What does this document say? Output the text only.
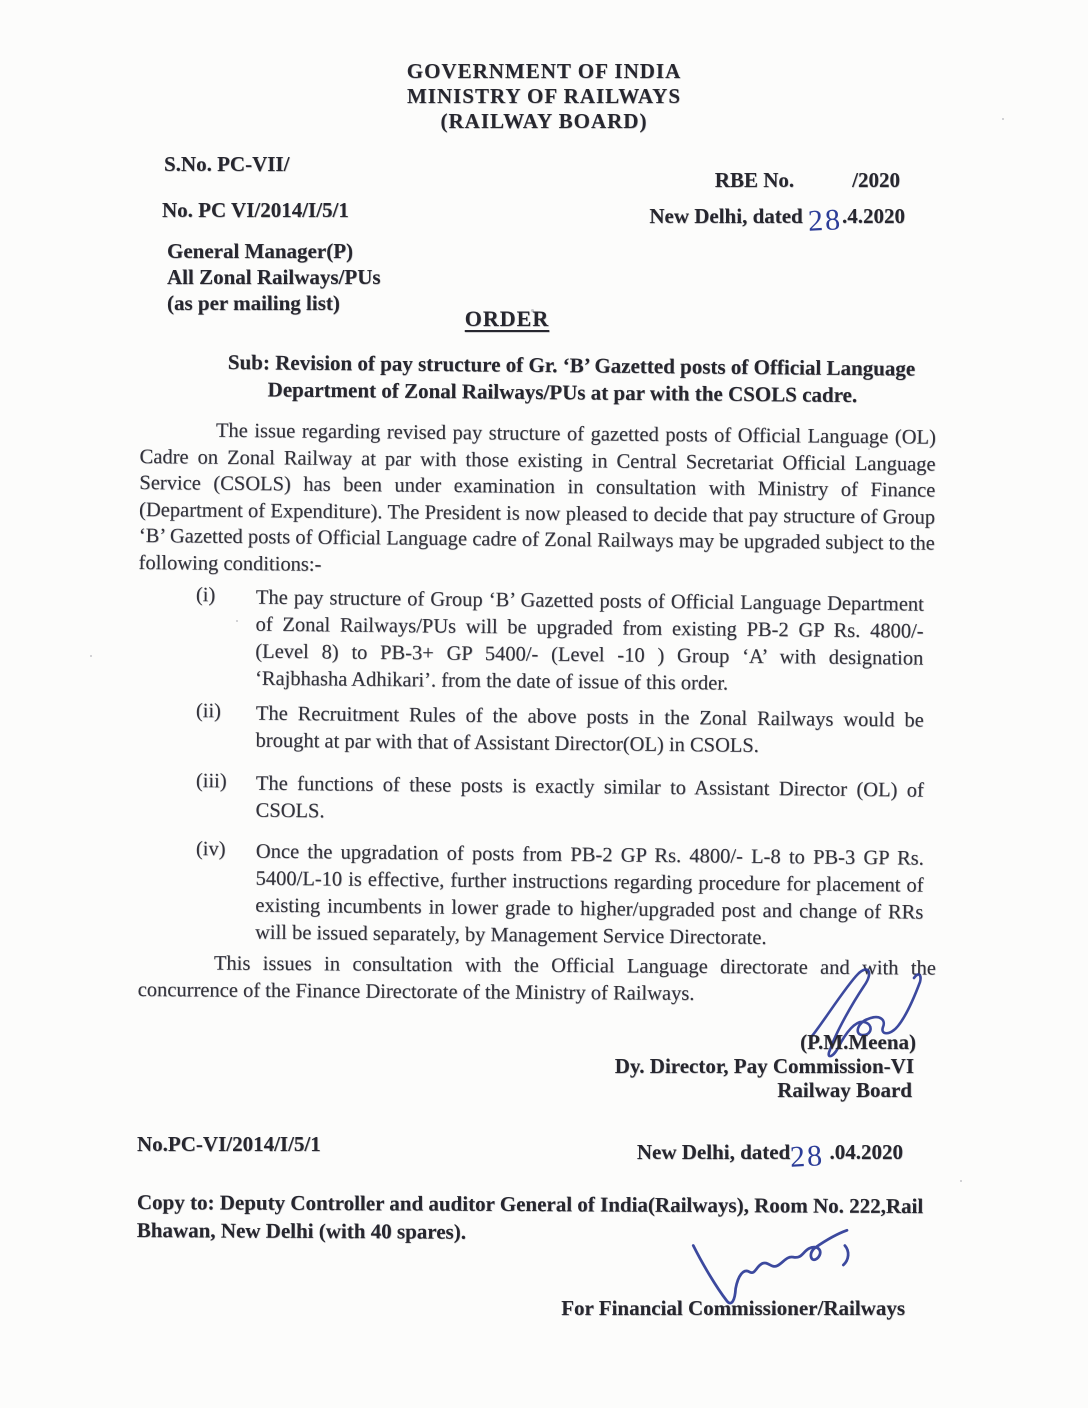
GOVERNMENT OF INDIA
MINISTRY OF RAILWAYS
(RAILWAY BOARD)
S.No. PC-VII/
RBE No.	/2020
No. PC VI/2014/I/5/1	New Delhi, dated 28.4.2020
General Manager(P)
All Zonal Railways/PUs
(as per mailing list)
ORDER
Sub: Revision of pay structure of Gr. ‘B’ Gazetted posts of Official Language
Department of Zonal Railways/PUs at par with the CSOLS cadre.
The issue regarding revised pay structure of gazetted posts of Official Language (OL) Cadre on Zonal Railway at par with those existing in Central Secretariat Official Language Service (CSOLS) has been under examination in consultation with Ministry of Finance (Department of Expenditure). The President is now pleased to decide that pay structure of Group ‘B’ Gazetted posts of Official Language cadre of Zonal Railways may be upgraded subject to the following conditions:-
(i) The pay structure of Group ‘B’ Gazetted posts of Official Language Department of Zonal Railways/PUs will be upgraded from existing PB-2 GP Rs. 4800/- (Level 8) to PB-3+ GP 5400/- (Level -10 ) Group ‘A’ with designation ‘Rajbhasha Adhikari’. from the date of issue of this order.
(ii) The Recruitment Rules of the above posts in the Zonal Railways would be brought at par with that of Assistant Director(OL) in CSOLS.
(iii) The functions of these posts is exactly similar to Assistant Director (OL) of CSOLS.
(iv) Once the upgradation of posts from PB-2 GP Rs. 4800/- L-8 to PB-3 GP Rs. 5400/L-10 is effective, further instructions regarding procedure for placement of existing incumbents in lower grade to higher/upgraded post and change of RRs will be issued separately, by Management Service Directorate.
This issues in consultation with the Official Language directorate and with the concurrence of the Finance Directorate of the Ministry of Railways.
(P.M.Meena)
Dy. Director, Pay Commission-VI
Railway Board
No.PC-VI/2014/I/5/1	New Delhi, dated28 .04.2020
Copy to: Deputy Controller and auditor General of India(Railways), Room No. 222,Rail Bhawan, New Delhi (with 40 spares).
For Financial Commissioner/Railways
